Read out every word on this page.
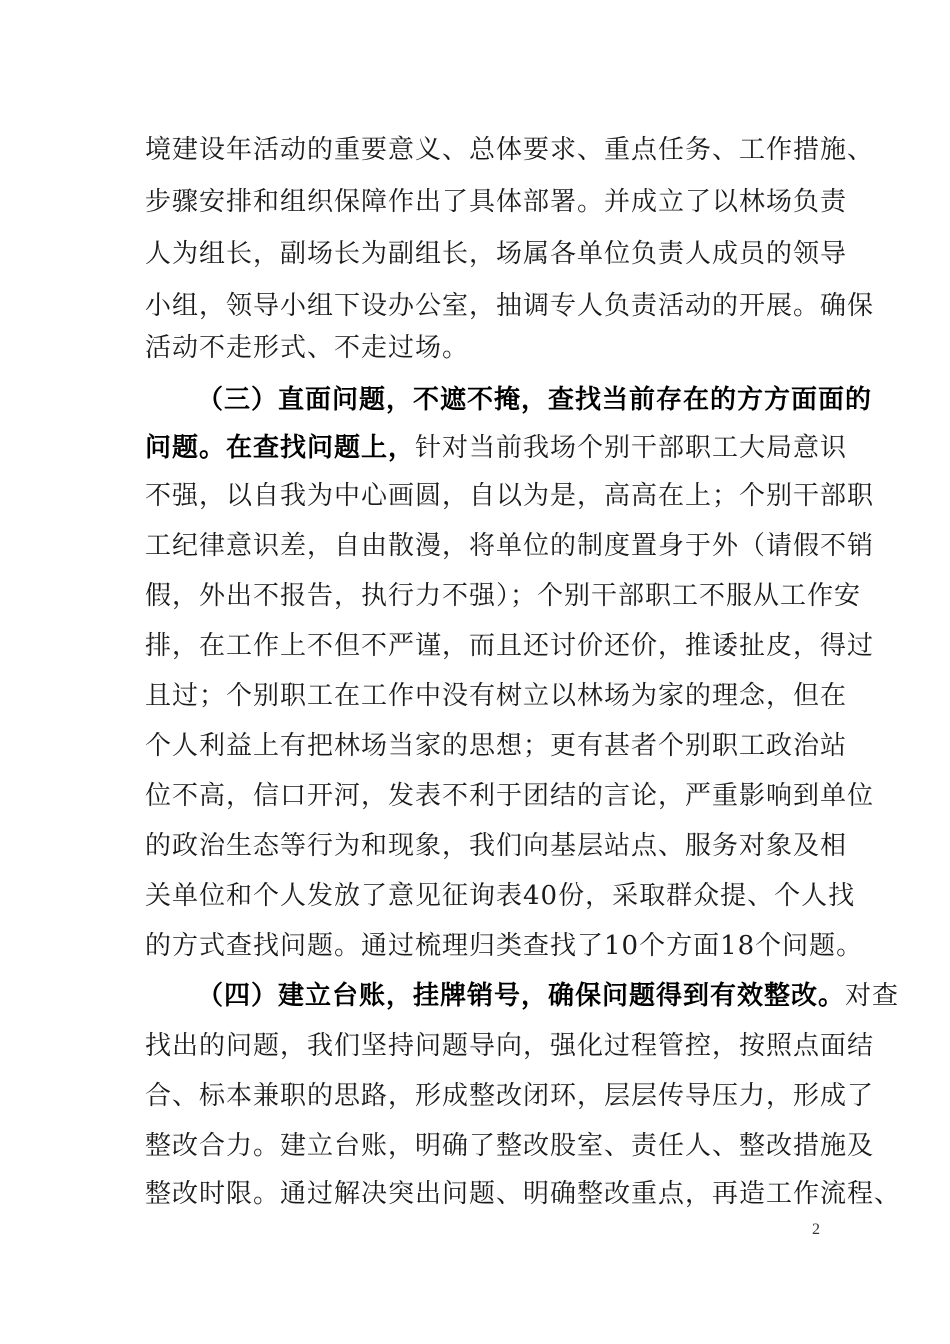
境建设年活动的重要意义、总体要求、重点任务、工作措施、
步骤安排和组织保障作出了具体部署。并成立了以林场负责
人为组长，副场长为副组长，场属各单位负责人成员的领导
小组，领导小组下设办公室，抽调专人负责活动的开展。确保
活动不走形式、不走过场。
（三）直面问题，不遮不掩，查找当前存在的方方面面的
问题。在查找问题上，针对当前我场个别干部职工大局意识
不强，以自我为中心画圆，自以为是，高高在上；个别干部职
工纪律意识差，自由散漫，将单位的制度置身于外（请假不销
假，外出不报告，执行力不强）；个别干部职工不服从工作安
排，在工作上不但不严谨，而且还讨价还价，推诿扯皮，得过
且过；个别职工在工作中没有树立以林场为家的理念，但在
个人利益上有把林场当家的思想；更有甚者个别职工政治站
位不高，信口开河，发表不利于团结的言论，严重影响到单位
的政治生态等行为和现象，我们向基层站点、服务对象及相
关单位和个人发放了意见征询表40份，采取群众提、个人找
的方式查找问题。通过梳理归类查找了10个方面18个问题。
（四）建立台账，挂牌销号，确保问题得到有效整改。对查
找出的问题，我们坚持问题导向，强化过程管控，按照点面结
合、标本兼职的思路，形成整改闭环，层层传导压力，形成了
整改合力。建立台账，明确了整改股室、责任人、整改措施及
整改时限。通过解决突出问题、明确整改重点，再造工作流程、
2
